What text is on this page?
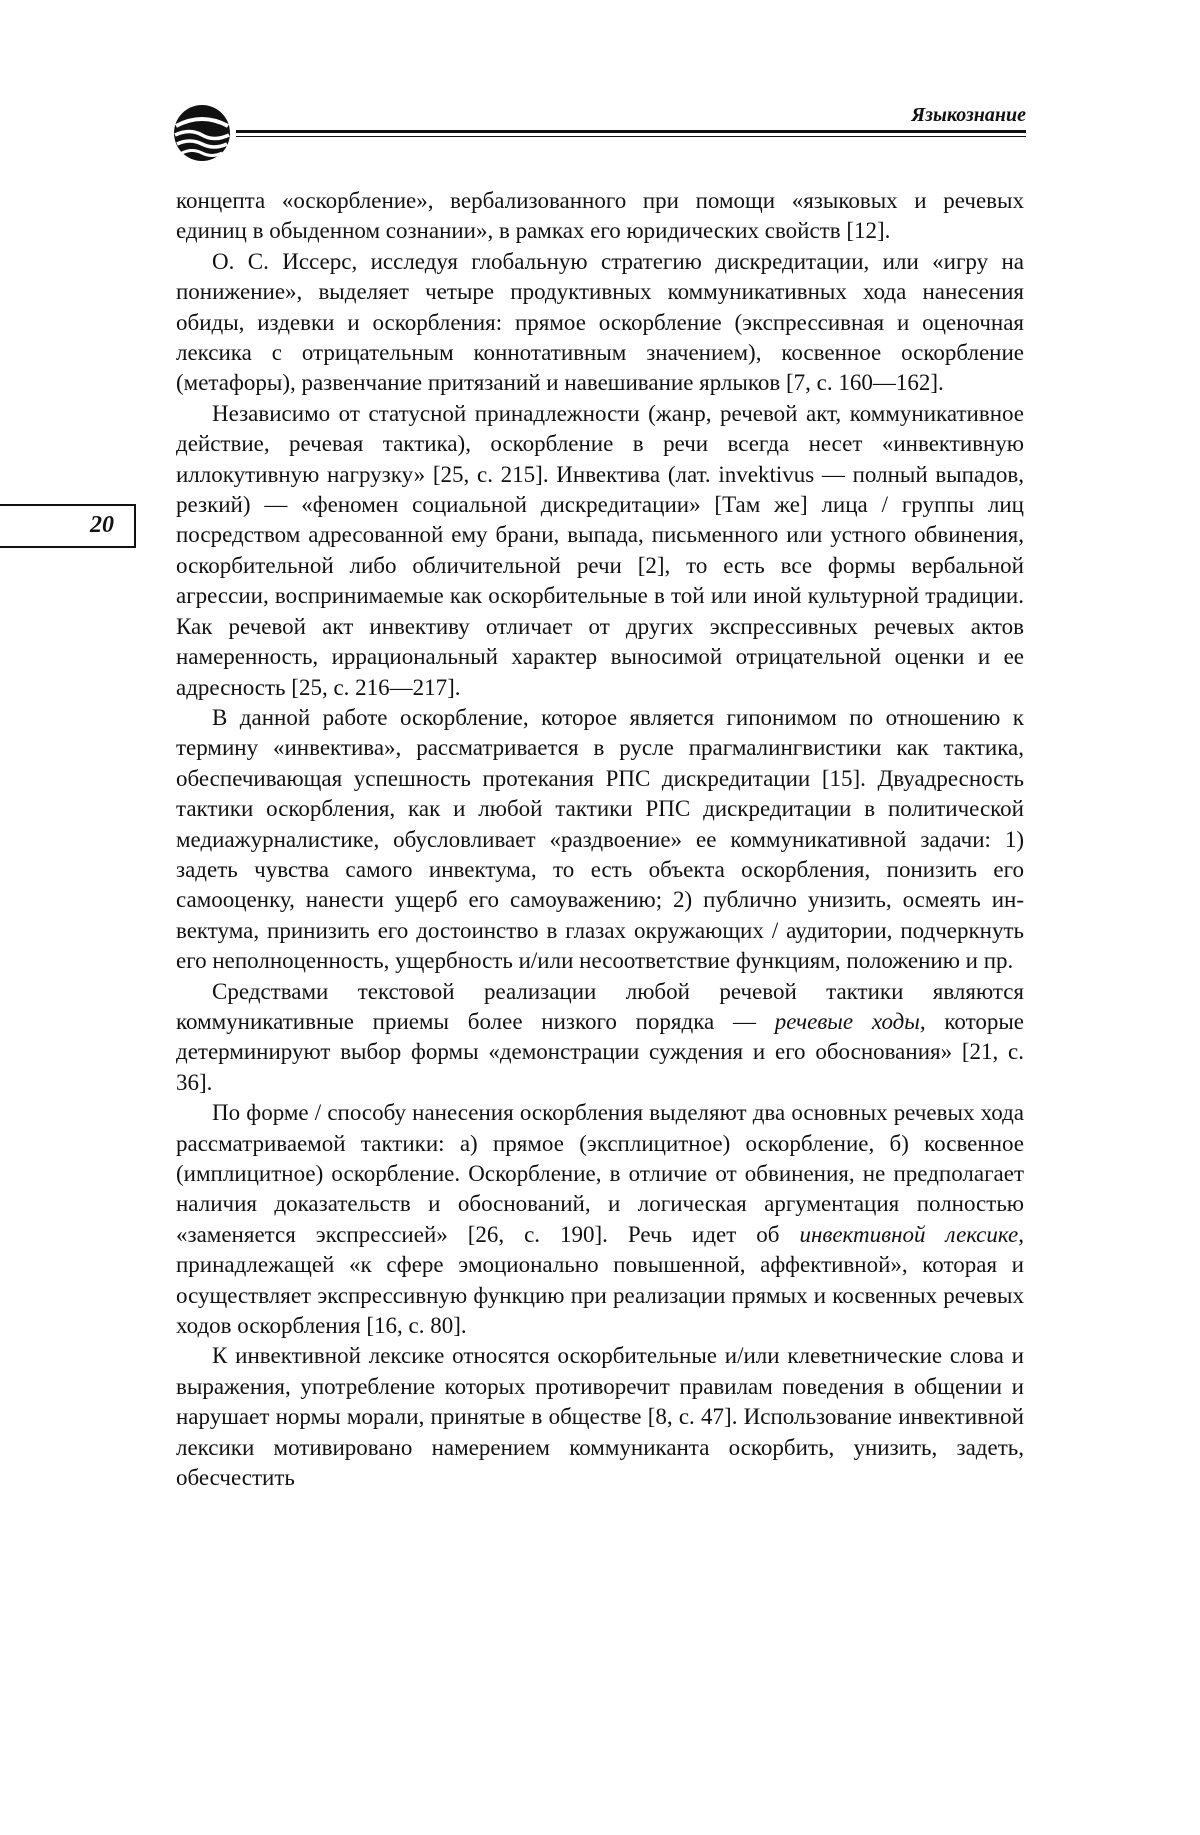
Языкознание
20

концепта «оскорбление», вербализованного при помощи «языковых и речевых единиц в обыденном сознании», в рамках его юридических свойств [12].

О. С. Иссерс, исследуя глобальную стратегию дискредитации, или «игру на понижение», выделяет четыре продуктивных коммуникативных хода нанесения обиды, издевки и оскорбления: прямое оскорбление (экспрессивная и оценочная лексика с отрицательным коннотативным значением), косвенное оскорбление (метафоры), развенчание притязаний и навешивание ярлыков [7, с. 160—162].

Независимо от статусной принадлежности (жанр, речевой акт, коммуникативное действие, речевая тактика), оскорбление в речи всегда несет «инвективную иллокутивную нагрузку» [25, с. 215]. Инвектива (лат. invektivus — полный выпадов, резкий) — «феномен социальной дискредитации» [Там же] лица / группы лиц посредством адресованной ему брани, выпада, письменного или устного обвинения, оскорбительной либо обличительной речи [2], то есть все формы вербальной агрессии, воспринимаемые как оскорбительные в той или иной культурной традиции. Как речевой акт инвективу отличает от других экспрессивных речевых актов намеренность, иррациональный характер выносимой отрицательной оценки и ее адресность [25, с. 216—217].

В данной работе оскорбление, которое является гипонимом по отношению к термину «инвектива», рассматривается в русле прагмалингвистики как тактика, обеспечивающая успешность протекания РПС дискредитации [15]. Двуадресность тактики оскорбления, как и любой тактики РПС дискредитации в политической медиажурналистике, обусловливает «раздвоение» ее коммуникативной задачи: 1) задеть чувства самого инвектума, то есть объекта оскорбления, понизить его самооценку, нанести ущерб его самоуважению; 2) публично унизить, осмеять инвектума, принизить его достоинство в глазах окружающих / аудитории, подчеркнуть его неполноценность, ущербность и/или несоответствие функциям, положению и пр.

Средствами текстовой реализации любой речевой тактики являются коммуникативные приемы более низкого порядка — речевые ходы, которые детерминируют выбор формы «демонстрации суждения и его обоснования» [21, с. 36].

По форме / способу нанесения оскорбления выделяют два основных речевых хода рассматриваемой тактики: а) прямое (эксплицитное) оскорбление, б) косвенное (имплицитное) оскорбление. Оскорбление, в отличие от обвинения, не предполагает наличия доказательств и обоснований, и логическая аргументация полностью «заменяется экспрессией» [26, с. 190]. Речь идет об инвективной лексике, принадлежащей «к сфере эмоционально повышенной, аффективной», которая и осуществляет экспрессивную функцию при реализации прямых и косвенных речевых ходов оскорбления [16, с. 80].

К инвективной лексике относятся оскорбительные и/или клеветнические слова и выражения, употребление которых противоречит правилам поведения в общении и нарушает нормы морали, принятые в обществе [8, с. 47]. Использование инвективной лексики мотивировано намерением коммуниканта оскорбить, унизить, задеть, обесчестить
